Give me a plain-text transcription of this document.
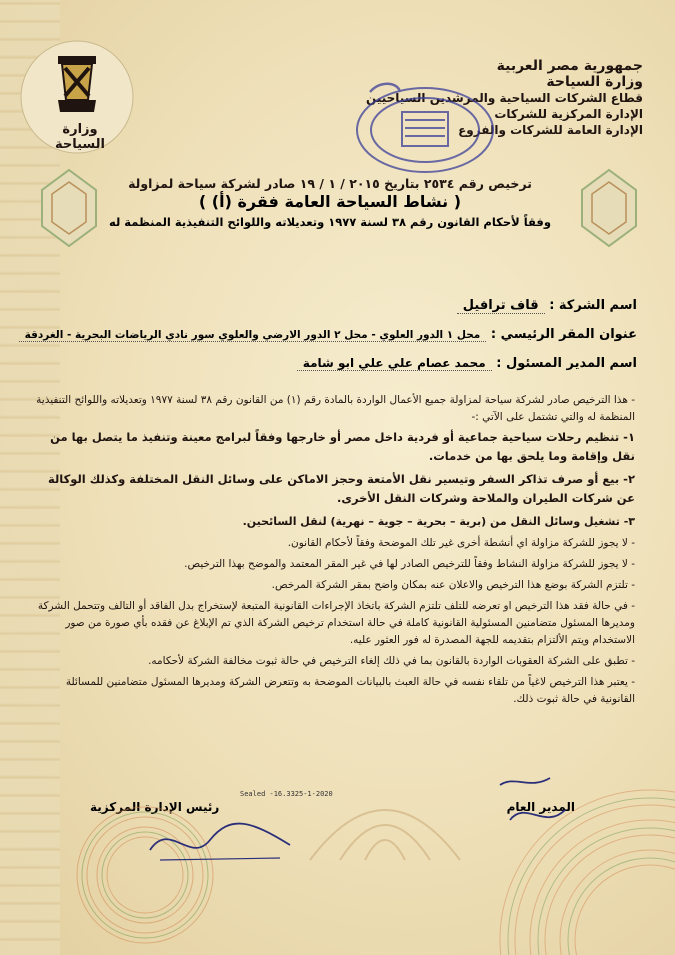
وزارة السياحة
جمهورية مصر العربية
وزارة السياحة
قطاع الشركات السياحية والمرشدين السياحيين
الإدارة المركزية للشركات
الإدارة العامة للشركات والفروع
ترخيص رقم ٢٥٣٤ بتاريخ ٢٠١٥ / ١ / ١٩ صادر لشركة سياحة لمزاولة
( نشاط السياحة العامة فقرة (أ) )
وفقاً لأحكام القانون رقم ٣٨ لسنة ١٩٧٧ وتعديلاته واللوائح التنفيذية المنظمة له
اسم الشركة : قاف ترافيل
عنوان المقر الرئيسي : محل ١ الدور العلوي - محل ٢ الدور الارضي والعلوي سور نادي الرياضات البحرية - الغردقة
اسم المدير المسئول : محمد عصام علي علي ابو شامة

- هذا الترخيص صادر لشركة سياحة لمزاولة جميع الأعمال الواردة بالمادة رقم (١) من القانون رقم ٣٨ لسنة ١٩٧٧ وتعديلاته واللوائح التنفيذية المنظمة له والتي تشتمل على الآتي :-

١- تنظيم رحلات سياحية جماعية أو فردية داخل مصر أو خارجها وفقاً لبرامج معينة وتنفيذ ما يتصل بها من نقل وإقامة وما يلحق بها من خدمات.

٢- بيع أو صرف تذاكر السفر وتيسير نقل الأمتعة وحجز الاماكن على وسائل النقل المختلفة وكذلك الوكالة عن شركات الطيران والملاحة وشركات النقل الأخرى.

٣- تشغيل وسائل النقل من (برية – بحرية – جوية – نهرية) لنقل السائحين.

- لا يجوز للشركة مزاولة اي أنشطة أخرى غير تلك الموضحة وفقاً لأحكام القانون.

- لا يجوز للشركة مزاولة النشاط وفقاً للترخيص الصادر لها في غير المقر المعتمد والموضح بهذا الترخيص.

- تلتزم الشركة بوضع هذا الترخيص والاعلان عنه بمكان واضح بمقر الشركة المرخص.

- في حالة فقد هذا الترخيص او تعرضه للتلف تلتزم الشركة باتخاذ الإجراءات القانونية المتبعة لإستخراج بدل الفاقد أو التالف وتتحمل الشركة ومديرها المسئول متضامنين المسئولية القانونية كاملة في حالة استخدام ترخيص الشركة الذي تم الإبلاغ عن فقده بأي صورة من صور الاستخدام ويتم الألتزام بتقديمه للجهة المصدرة له فور العثور عليه.

- تطبق على الشركة العقوبات الواردة بالقانون بما في ذلك إلغاء الترخيص في حالة ثبوت مخالفة الشركة لأحكامه.

- يعتبر هذا الترخيص لاغياً من تلقاء نفسه في حالة العبث بالبيانات الموضحة به وتتعرض الشركة ومديرها المسئول متضامنين للمسائلة القانونية في حالة ثبوت ذلك.

المدير العام
رئيس الإدارة المركزية
Sealed -16.3325-1-2020
